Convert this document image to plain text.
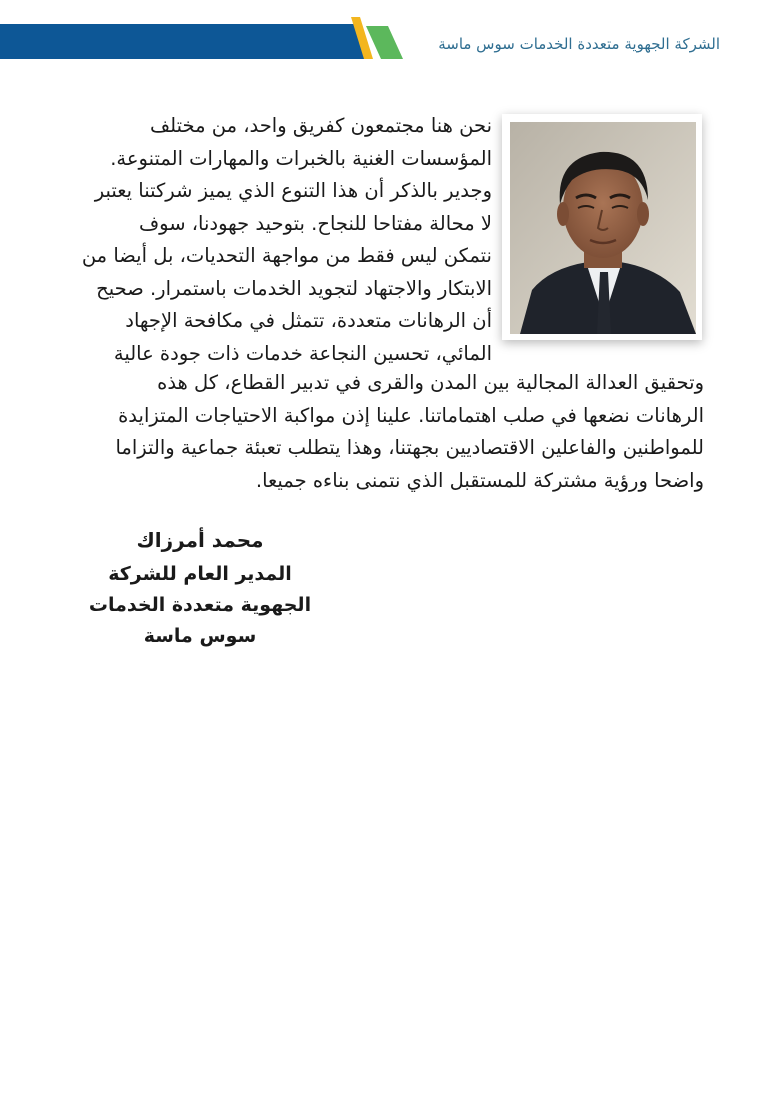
الشركة الجهوية متعددة الخدمات سوس ماسة
نحن هنا مجتمعون كفريق واحد، من مختلف
المؤسسات الغنية بالخبرات والمهارات المتنوعة.
وجدير بالذكر أن هذا التنوع الذي يميز شركتنا يعتبر
لا محالة مفتاحا للنجاح. بتوحيد جهودنا، سوف
نتمكن ليس فقط من مواجهة التحديات، بل أيضا من
الابتكار والاجتهاد لتجويد الخدمات باستمرار. صحيح
أن الرهانات متعددة، تتمثل في مكافحة الإجهاد
المائي، تحسين النجاعة خدمات ذات جودة عالية
وتحقيق العدالة المجالية بين المدن والقرى في تدبير القطاع، كل هذه
الرهانات نضعها في صلب اهتماماتنا. علينا إذن مواكبة الاحتياجات المتزايدة
للمواطنين والفاعلين الاقتصاديين بجهتنا، وهذا يتطلب تعبئة جماعية والتزاما
واضحا ورؤية مشتركة للمستقبل الذي نتمنى بناءه جميعا.
محمد أمرزاك
المدير العام للشركة الجهوية متعددة الخدمات سوس ماسة
